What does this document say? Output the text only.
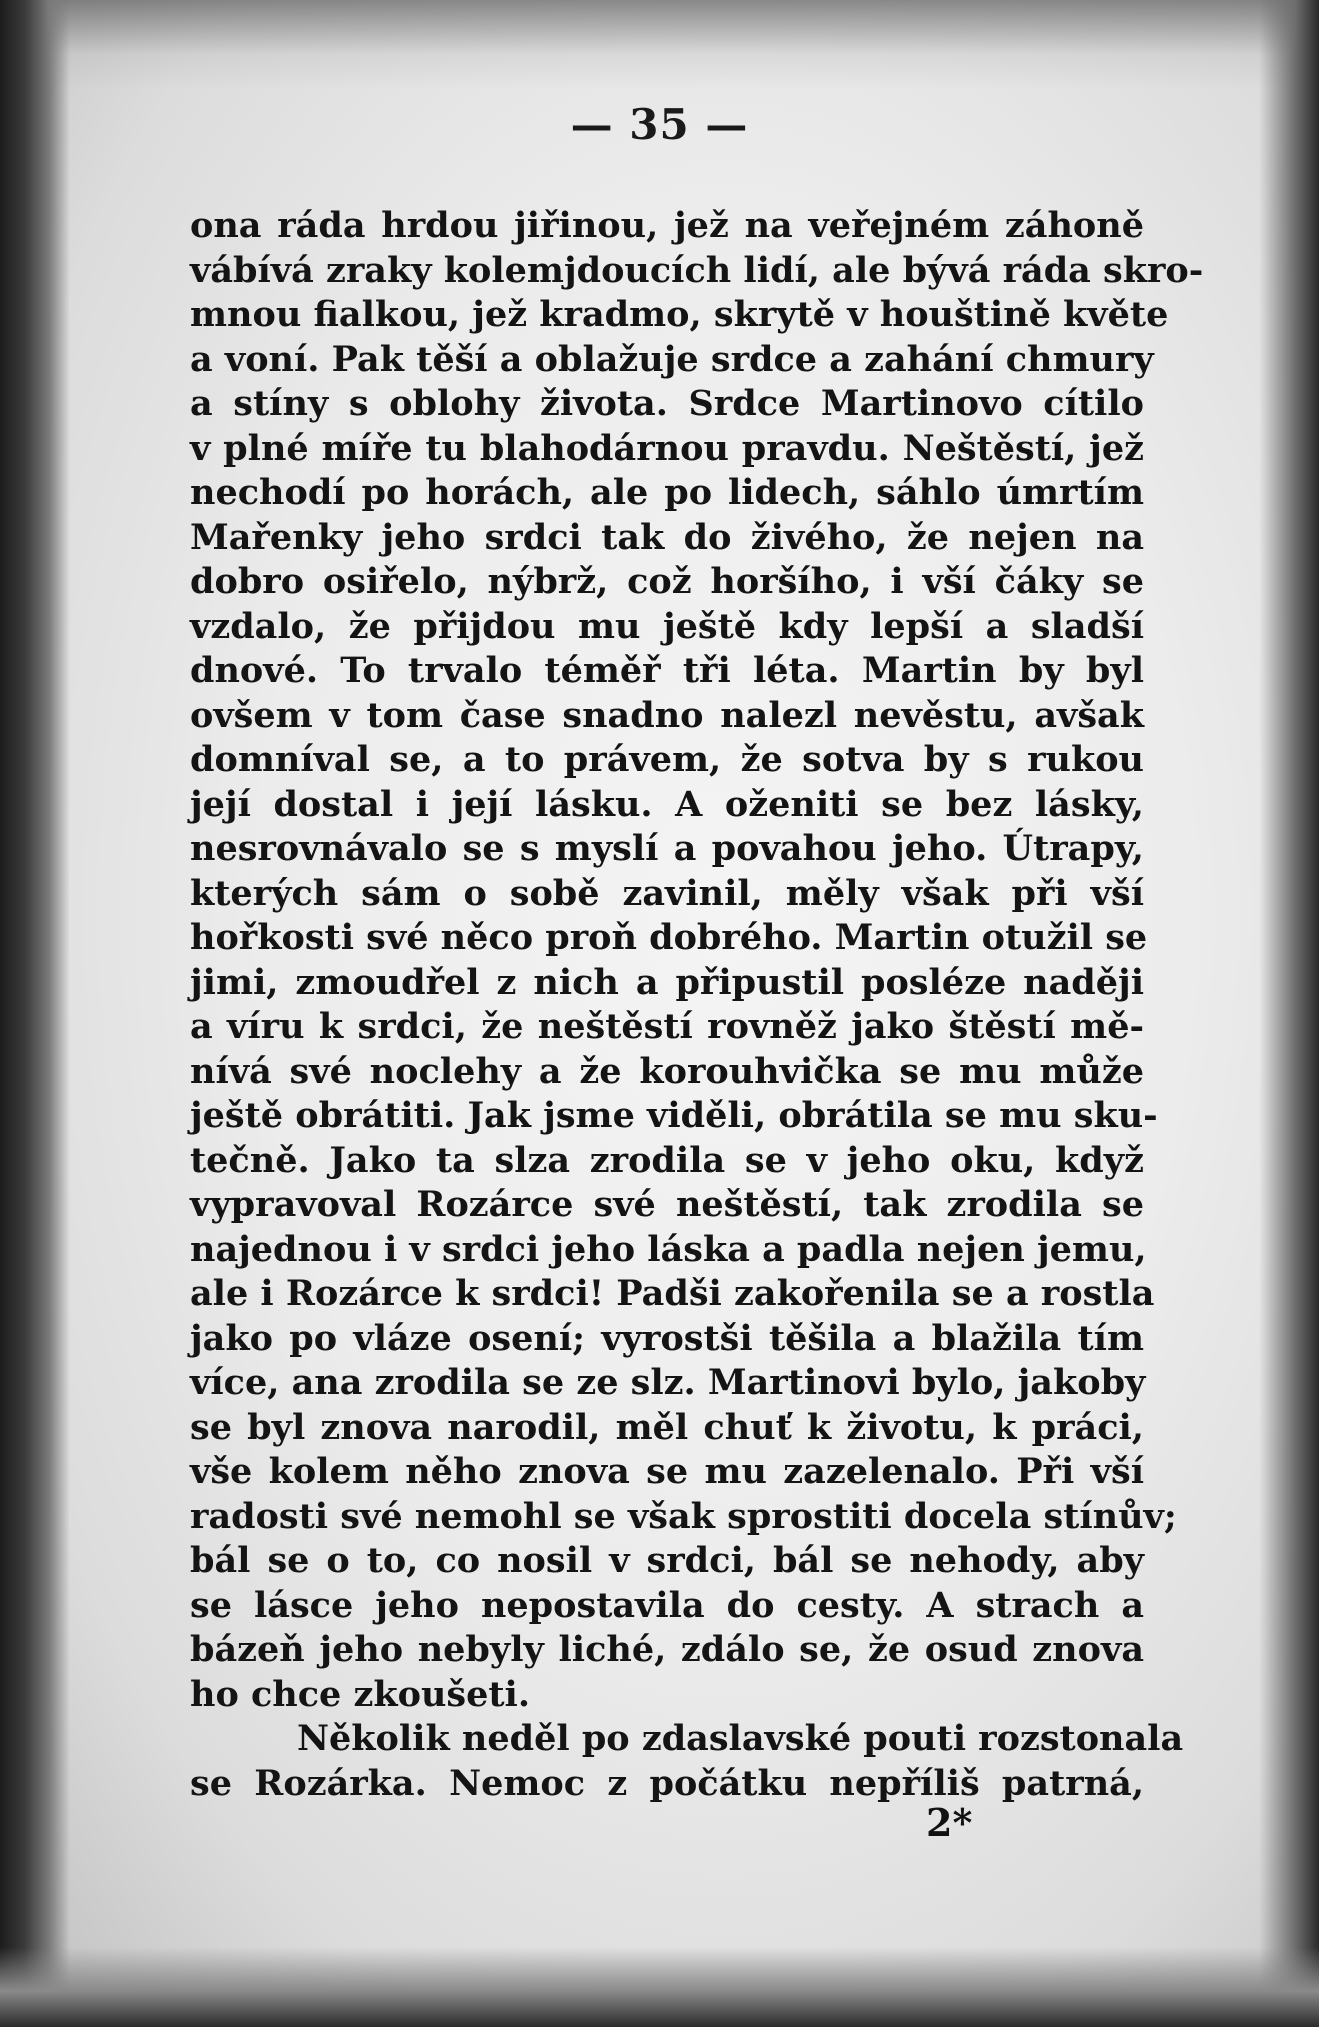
— 35 —
ona ráda hrdou jiřinou, jež na veřejném záhoně
vábívá zraky kolemjdoucích lidí, ale bývá ráda skro-
mnou fialkou, jež kradmo, skrytě v houštině květe
a voní. Pak těší a oblažuje srdce a zahání chmury
a stíny s oblohy života. Srdce Martinovo cítilo
v plné míře tu blahodárnou pravdu. Neštěstí, jež
nechodí po horách, ale po lidech, sáhlo úmrtím
Mařenky jeho srdci tak do živého, že nejen na
dobro osiřelo, nýbrž, což horšího, i vší čáky se
vzdalo, že přijdou mu ještě kdy lepší a sladší
dnové. To trvalo téměř tři léta. Martin by byl
ovšem v tom čase snadno nalezl nevěstu, avšak
domníval se, a to právem, že sotva by s rukou
její dostal i její lásku. A oženiti se bez lásky,
nesrovnávalo se s myslí a povahou jeho. Útrapy,
kterých sám o sobě zavinil, měly však při vší
hořkosti své něco proň dobrého. Martin otužil se
jimi, zmoudřel z nich a připustil posléze naději
a víru k srdci, že neštěstí rovněž jako štěstí mě-
nívá své noclehy a že korouhvička se mu může
ještě obrátiti. Jak jsme viděli, obrátila se mu sku-
tečně. Jako ta slza zrodila se v jeho oku, když
vypravoval Rozárce své neštěstí, tak zrodila se
najednou i v srdci jeho láska a padla nejen jemu,
ale i Rozárce k srdci! Padši zakořenila se a rostla
jako po vláze osení; vyrostši těšila a blažila tím
více, ana zrodila se ze slz. Martinovi bylo, jakoby
se byl znova narodil, měl chuť k životu, k práci,
vše kolem něho znova se mu zazelenalo. Při vší
radosti své nemohl se však sprostiti docela stínův;
bál se o to, co nosil v srdci, bál se nehody, aby
se lásce jeho nepostavila do cesty. A strach a
bázeň jeho nebyly liché, zdálo se, že osud znova
ho chce zkoušeti.
Několik neděl po zdaslavské pouti rozstonala
se Rozárka. Nemoc z počátku nepříliš patrná,
2*
